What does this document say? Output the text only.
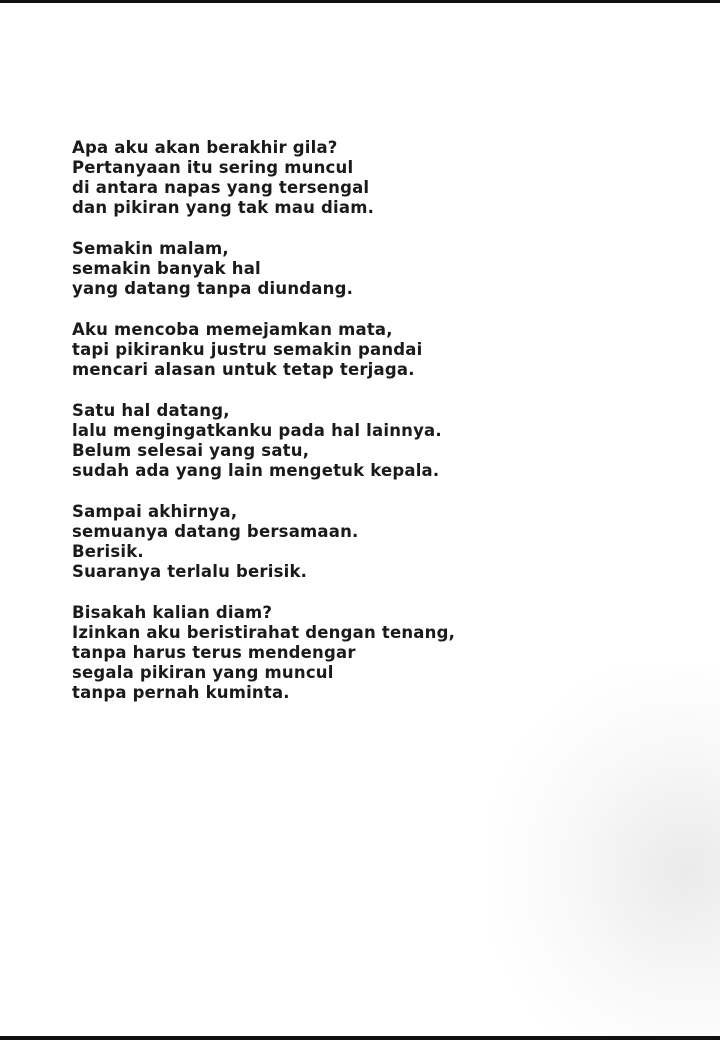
Apa aku akan berakhir gila?
Pertanyaan itu sering muncul
di antara napas yang tersengal
dan pikiran yang tak mau diam.
Semakin malam,
semakin banyak hal
yang datang tanpa diundang.
Aku mencoba memejamkan mata,
tapi pikiranku justru semakin pandai
mencari alasan untuk tetap terjaga.
Satu hal datang,
lalu mengingatkanku pada hal lainnya.
Belum selesai yang satu,
sudah ada yang lain mengetuk kepala.
Sampai akhirnya,
semuanya datang bersamaan.
Berisik.
Suaranya terlalu berisik.
Bisakah kalian diam?
Izinkan aku beristirahat dengan tenang,
tanpa harus terus mendengar
segala pikiran yang muncul
tanpa pernah kuminta.
